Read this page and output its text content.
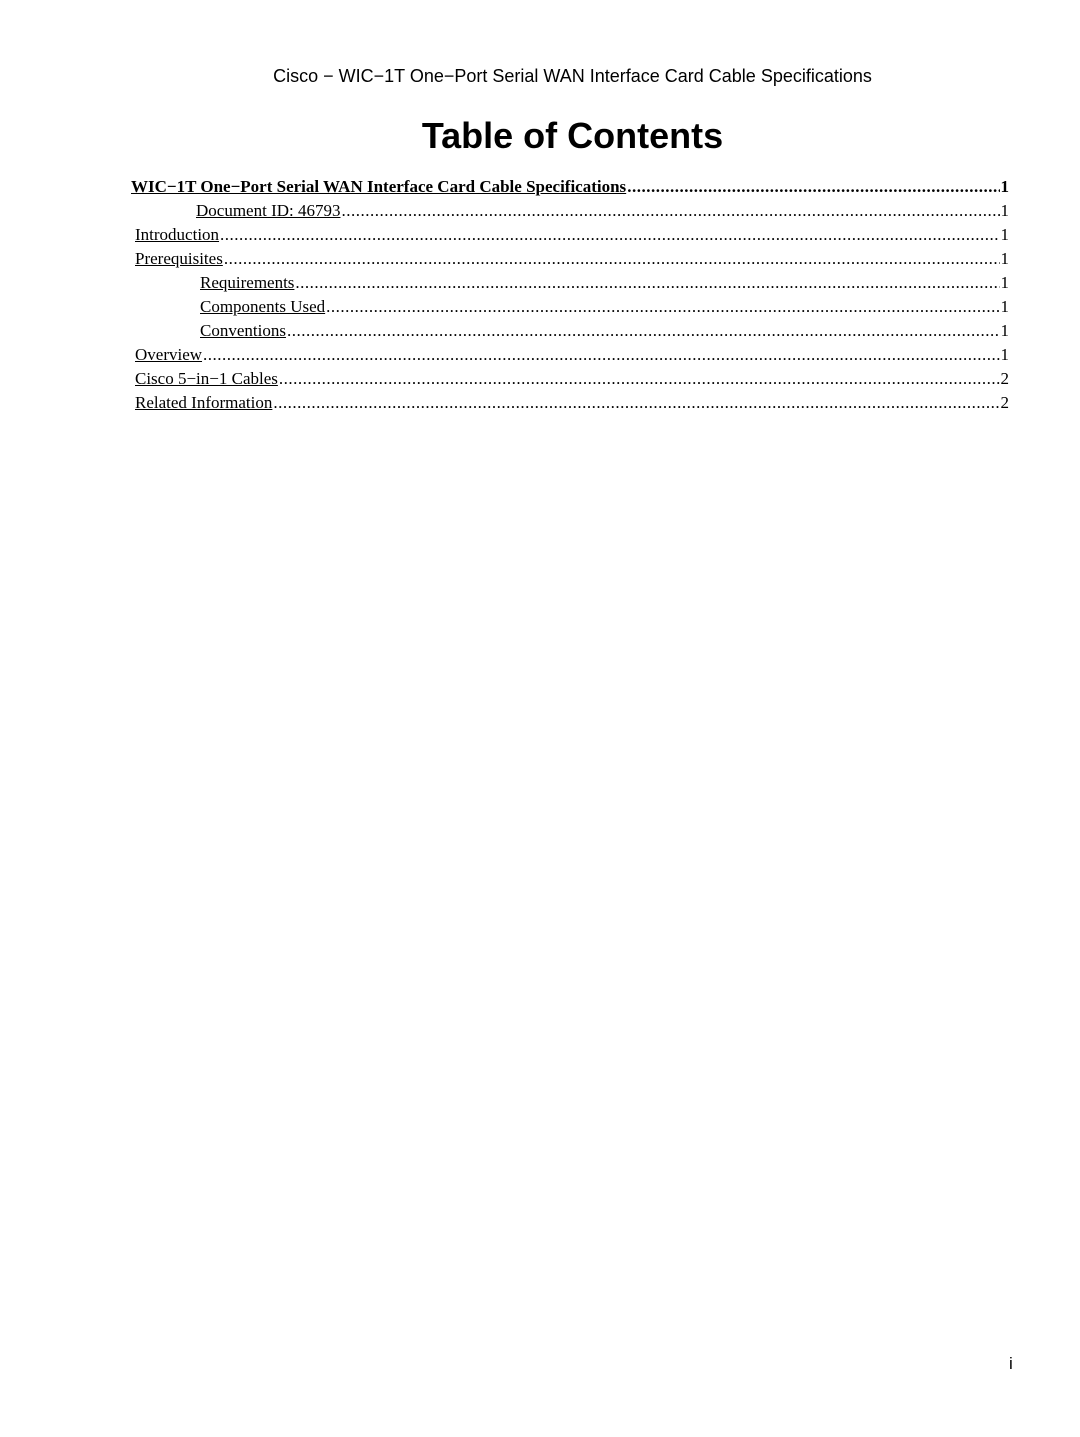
Cisco − WIC−1T One−Port Serial WAN Interface Card Cable Specifications
Table of Contents
WIC−1T One−Port Serial WAN Interface Card Cable Specifications .....	1
Document ID: 46793 .....	1
Introduction .....	1
Prerequisites .....	1
Requirements .....	1
Components Used .....	1
Conventions .....	1
Overview .....	1
Cisco 5−in−1 Cables .....	2
Related Information .....	2
i
